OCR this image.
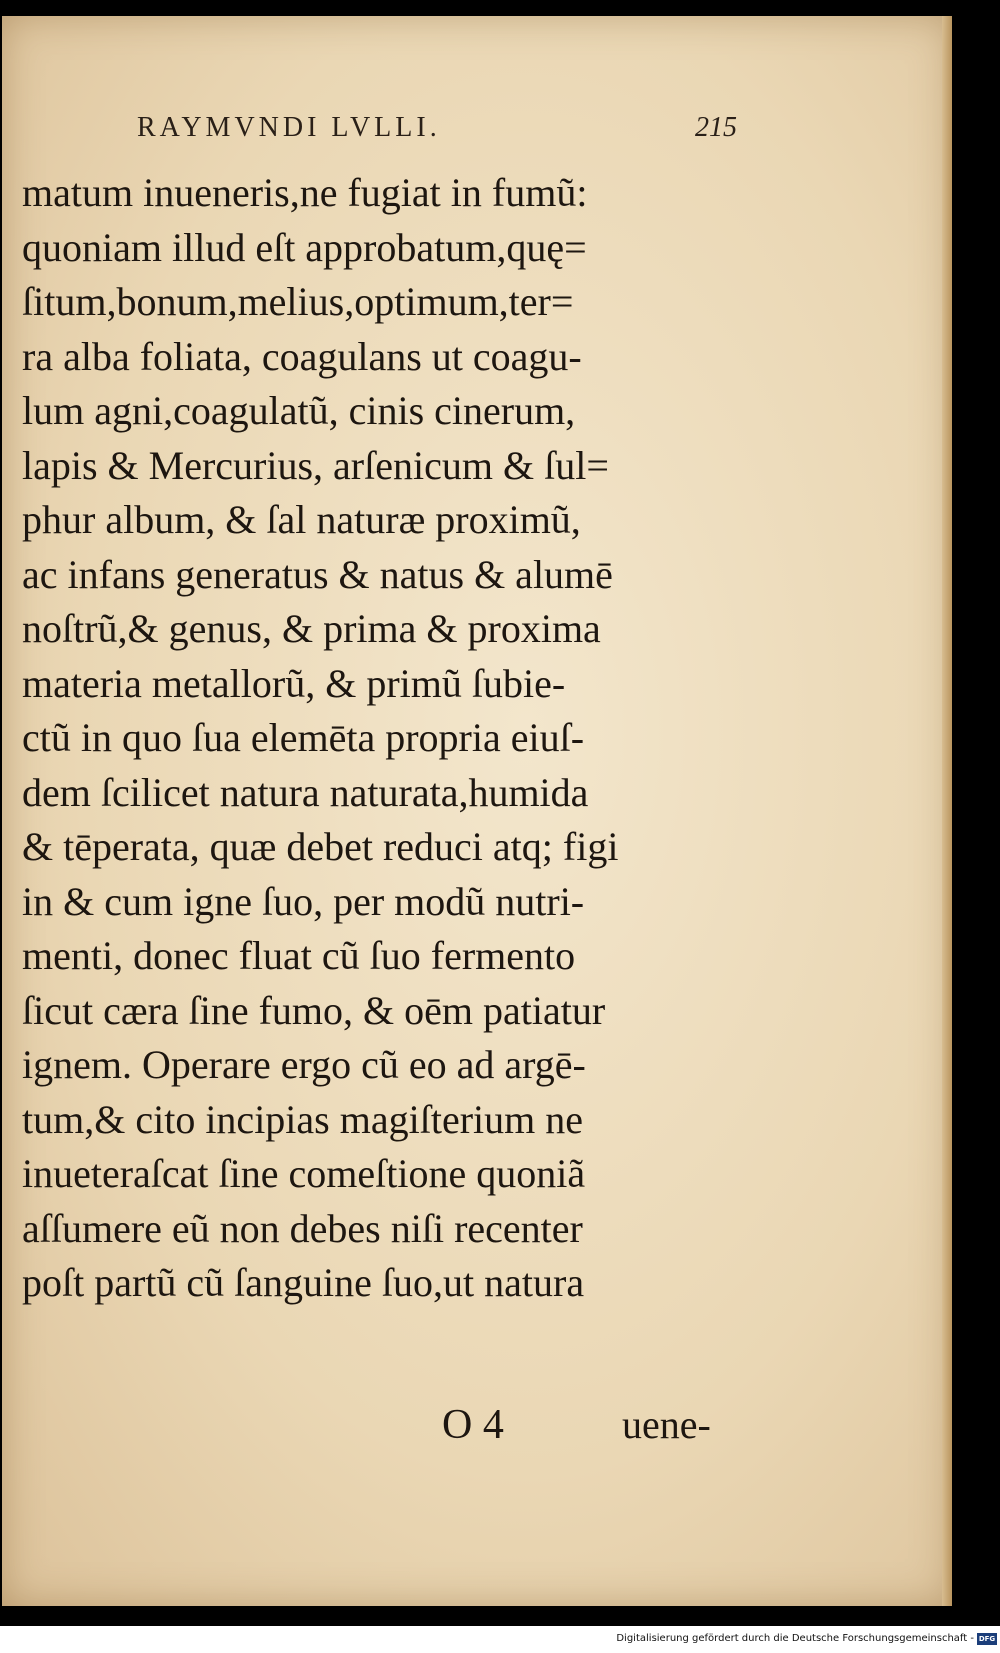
RAYMVNDI LVLLI.	215
matum inueneris,ne fugiat in fumũ:
quoniam illud eſt approbatum,quę=
ſitum,bonum,melius,optimum,ter=
ra alba foliata, coagulans ut coagu-
lum agni,coagulatũ, cinis cinerum,
lapis & Mercurius, arſenicum & ſul=
phur album, & ſal naturæ proximũ,
ac infans generatus & natus & alumē
noſtrũ,& genus, & prima & proxima
materia metallorũ, & primũ ſubie-
ctũ in quo ſua elemēta propria eiuſ-
dem ſcilicet natura naturata,humida
& tēperata, quæ debet reduci atq; figi
in & cum igne ſuo, per modũ nutri-
menti, donec fluat cũ ſuo fermento
ſicut cæra ſine fumo, & oēm patiatur
ignem. Operare ergo cũ eo ad argē-
tum,& cito incipias magiſterium ne
inueteraſcat ſine comeſtione quoniã
aſſumere eũ non debes niſi recenter
poſt partũ cũ ſanguine ſuo,ut natura
O 4	uene-
Digitalisierung gefördert durch die Deutsche Forschungsgemeinschaft - DFG
